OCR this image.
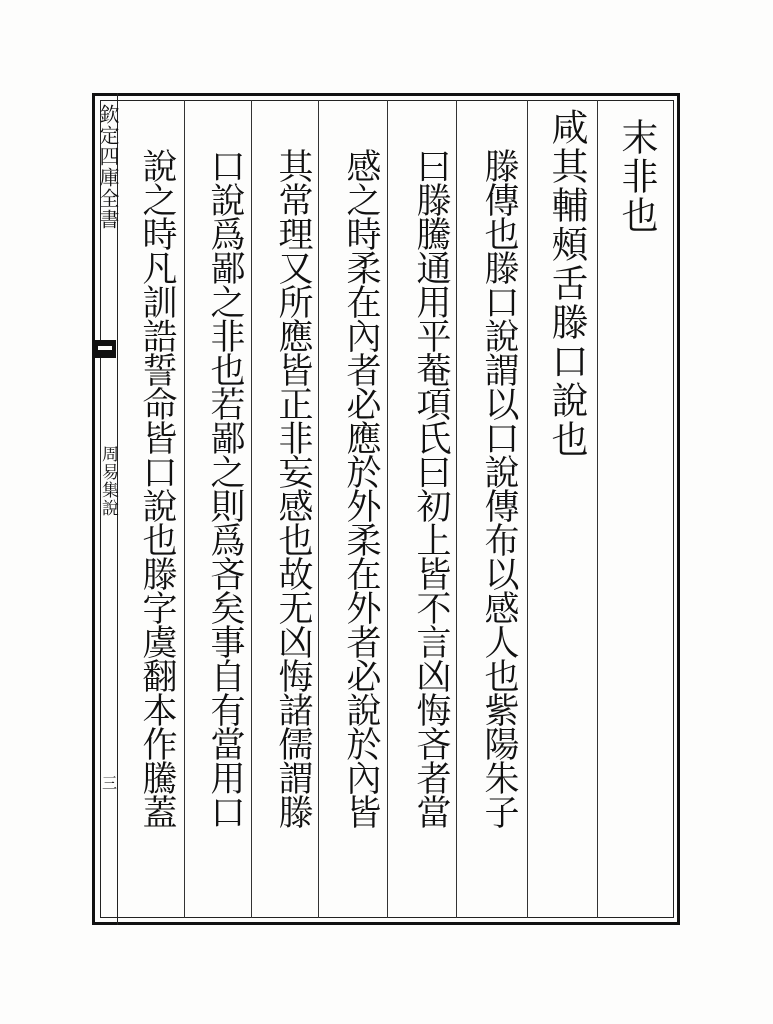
欽定四庫全書
周易集說
三
末非也
咸其輔頰舌滕口說也
滕傳也滕口說謂以口說傳布以感人也紫陽朱子
曰滕騰通用平菴項氏曰初上皆不言凶悔吝者當
感之時柔在內者必應於外柔在外者必說於內皆
其常理又所應皆正非妄感也故无凶悔諸儒謂滕
口說爲鄙之非也若鄙之則爲吝矣事自有當用口
說之時凡訓誥誓命皆口說也滕字虞翻本作騰蓋
